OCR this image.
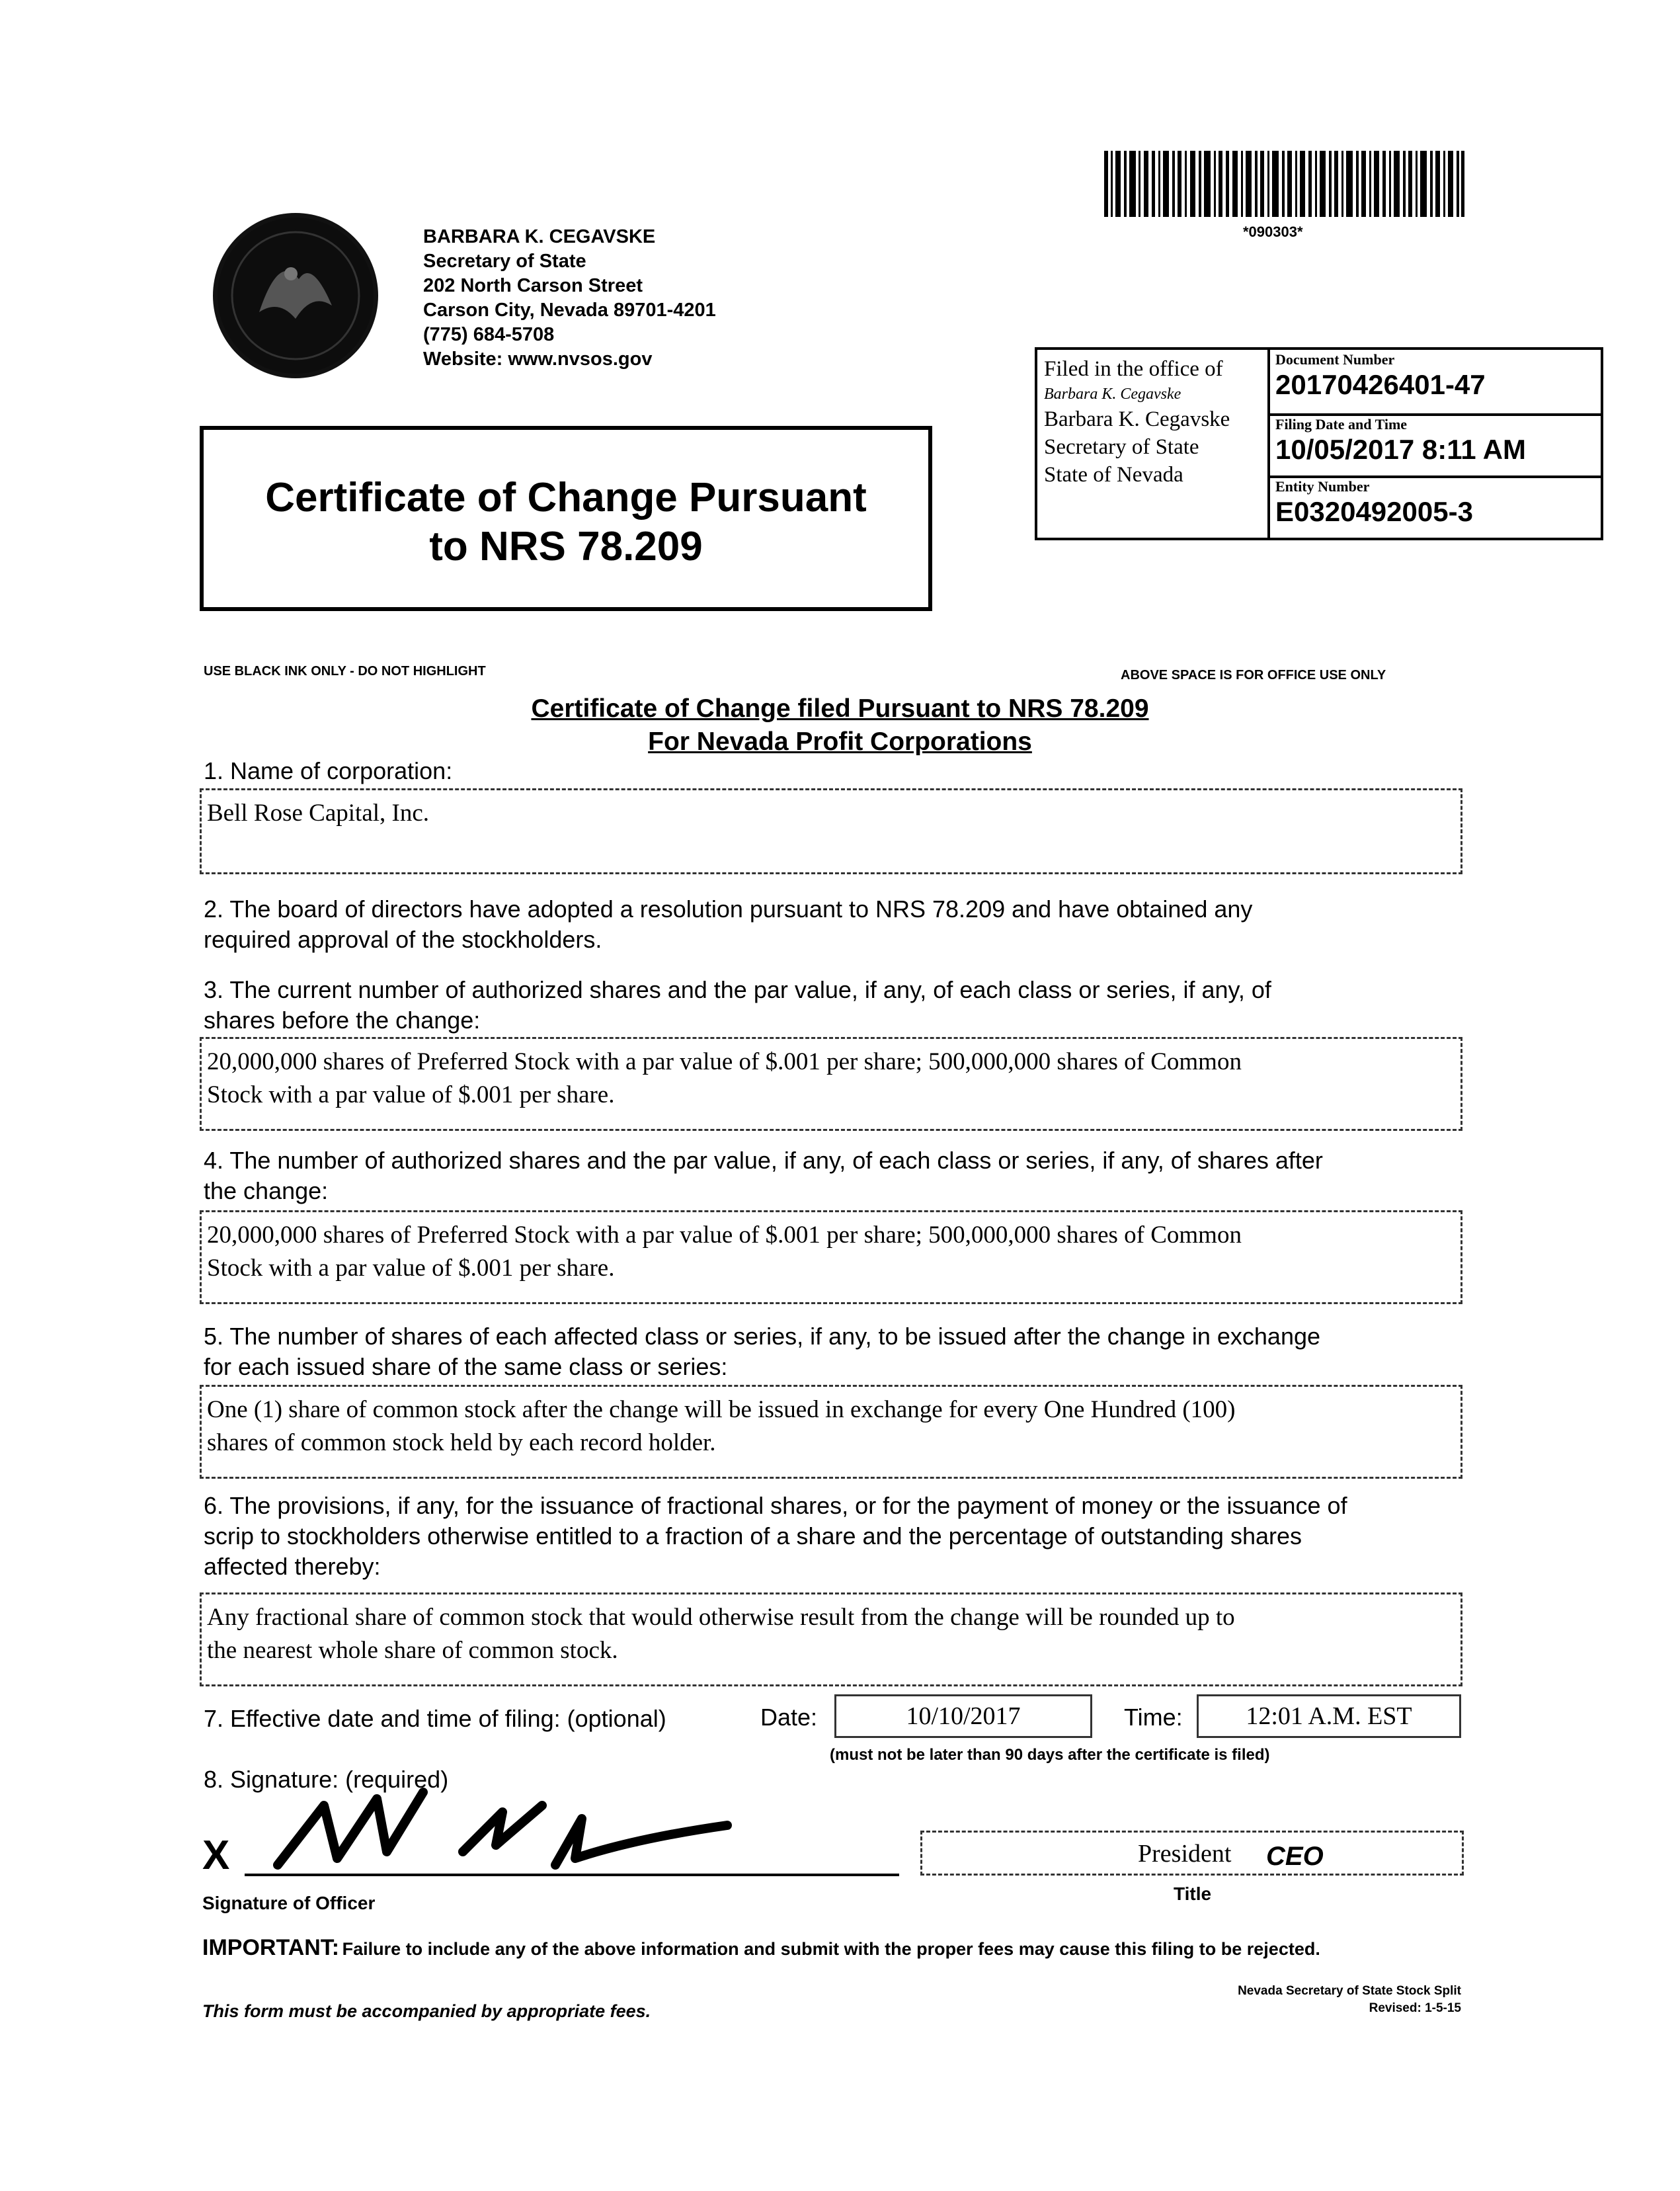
BARBARA K. CEGAVSKE
Secretary of State
202 North Carson Street
Carson City, Nevada 89701-4201
(775) 684-5708
Website: www.nvsos.gov
*090303*
Certificate of Change Pursuant
to NRS 78.209
Filed in the office of
Barbara K. Cegavske
Barbara K. Cegavske
Secretary of State
State of Nevada
Document Number
20170426401-47
Filing Date and Time
10/05/2017 8:11 AM
Entity Number
E0320492005-3
USE BLACK INK ONLY - DO NOT HIGHLIGHT	ABOVE SPACE IS FOR OFFICE USE ONLY
Certificate of Change filed Pursuant to NRS 78.209
For Nevada Profit Corporations
1. Name of corporation:
Bell Rose Capital, Inc.
2. The board of directors have adopted a resolution pursuant to NRS 78.209 and have obtained any
required approval of the stockholders.
3. The current number of authorized shares and the par value, if any, of each class or series, if any, of
shares before the change:
20,000,000 shares of Preferred Stock with a par value of $.001 per share; 500,000,000 shares of Common
Stock with a par value of $.001 per share.
4. The number of authorized shares and the par value, if any, of each class or series, if any, of shares after
the change:
20,000,000 shares of Preferred Stock with a par value of $.001 per share; 500,000,000 shares of Common
Stock with a par value of $.001 per share.
5. The number of shares of each affected class or series, if any, to be issued after the change in exchange
for each issued share of the same class or series:
One (1) share of common stock after the change will be issued in exchange for every One Hundred (100)
shares of common stock held by each record holder.
6. The provisions, if any, for the issuance of fractional shares, or for the payment of money or the issuance of
scrip to stockholders otherwise entitled to a fraction of a share and the percentage of outstanding shares
affected thereby:
Any fractional share of common stock that would otherwise result from the change will be rounded up to
the nearest whole share of common stock.
7. Effective date and time of filing: (optional)	Date:	10/10/2017	Time:	12:01 A.M. EST
(must not be later than 90 days after the certificate is filed)
8. Signature: (required)
X
Signature of Officer
President CEO
Title
IMPORTANT: Failure to include any of the above information and submit with the proper fees may cause this filing to be rejected.
This form must be accompanied by appropriate fees.
Nevada Secretary of State Stock Split
Revised: 1-5-15
